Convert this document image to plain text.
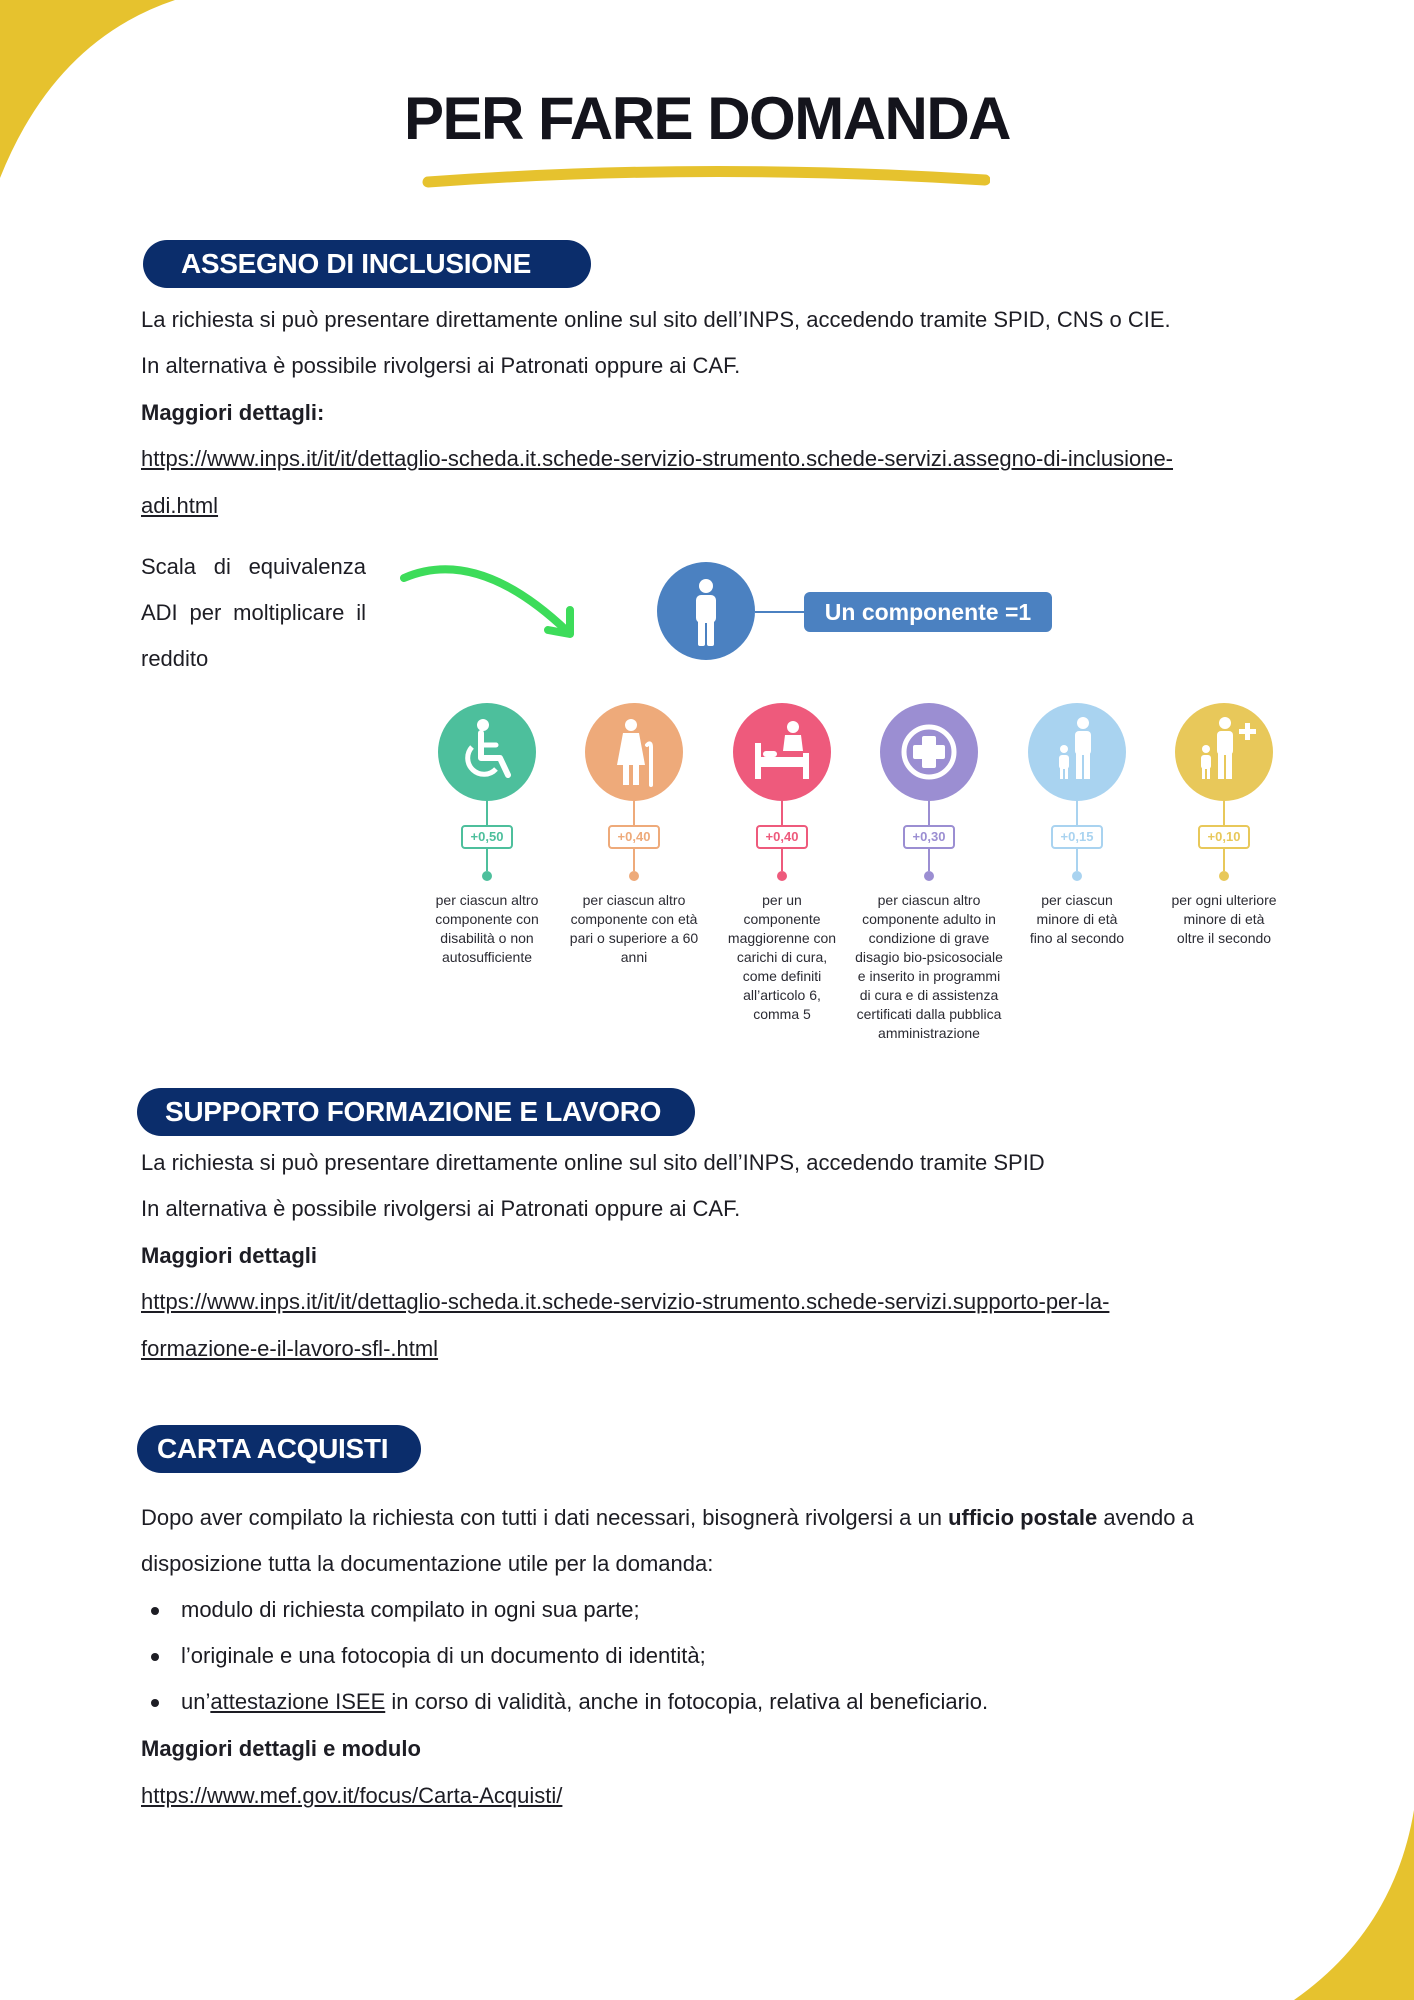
PER FARE DOMANDA
ASSEGNO DI INCLUSIONE
La richiesta si può presentare direttamente online sul sito dell’INPS, accedendo tramite SPID, CNS o CIE.
In alternativa è possibile rivolgersi ai Patronati oppure ai CAF.
Maggiori dettagli:
https://www.inps.it/it/it/dettaglio-scheda.it.schede-servizio-strumento.schede-servizi.assegno-di-inclusione-
adi.html
Scala di equivalenza ADI per moltiplicare il reddito
Un componente =1
+0,50
per ciascun altro
componente con
disabilità o non
autosufficiente
+0,40
per ciascun altro
componente con età
pari o superiore a 60
anni
+0,40
per un
componente
maggiorenne con
carichi di cura,
come definiti
all’articolo 6,
comma 5
+0,30
per ciascun altro
componente adulto in
condizione di grave
disagio bio-psicosociale
e inserito in programmi
di cura e di assistenza
certificati dalla pubblica
amministrazione
+0,15
per ciascun
minore di età
fino al secondo
+0,10
per ogni ulteriore
minore di età
oltre il secondo
SUPPORTO FORMAZIONE E LAVORO
La richiesta si può presentare direttamente online sul sito dell’INPS, accedendo tramite SPID
In alternativa è possibile rivolgersi ai Patronati oppure ai CAF.
Maggiori dettagli
https://www.inps.it/it/it/dettaglio-scheda.it.schede-servizio-strumento.schede-servizi.supporto-per-la-
formazione-e-il-lavoro-sfl-.html
CARTA ACQUISTI
Dopo aver compilato la richiesta con tutti i dati necessari, bisognerà rivolgersi a un ufficio postale avendo a
disposizione tutta la documentazione utile per la domanda:
modulo di richiesta compilato in ogni sua parte;
l’originale e una fotocopia di un documento di identità;
un’attestazione ISEE in corso di validità, anche in fotocopia, relativa al beneficiario.
Maggiori dettagli e modulo
https://www.mef.gov.it/focus/Carta-Acquisti/
